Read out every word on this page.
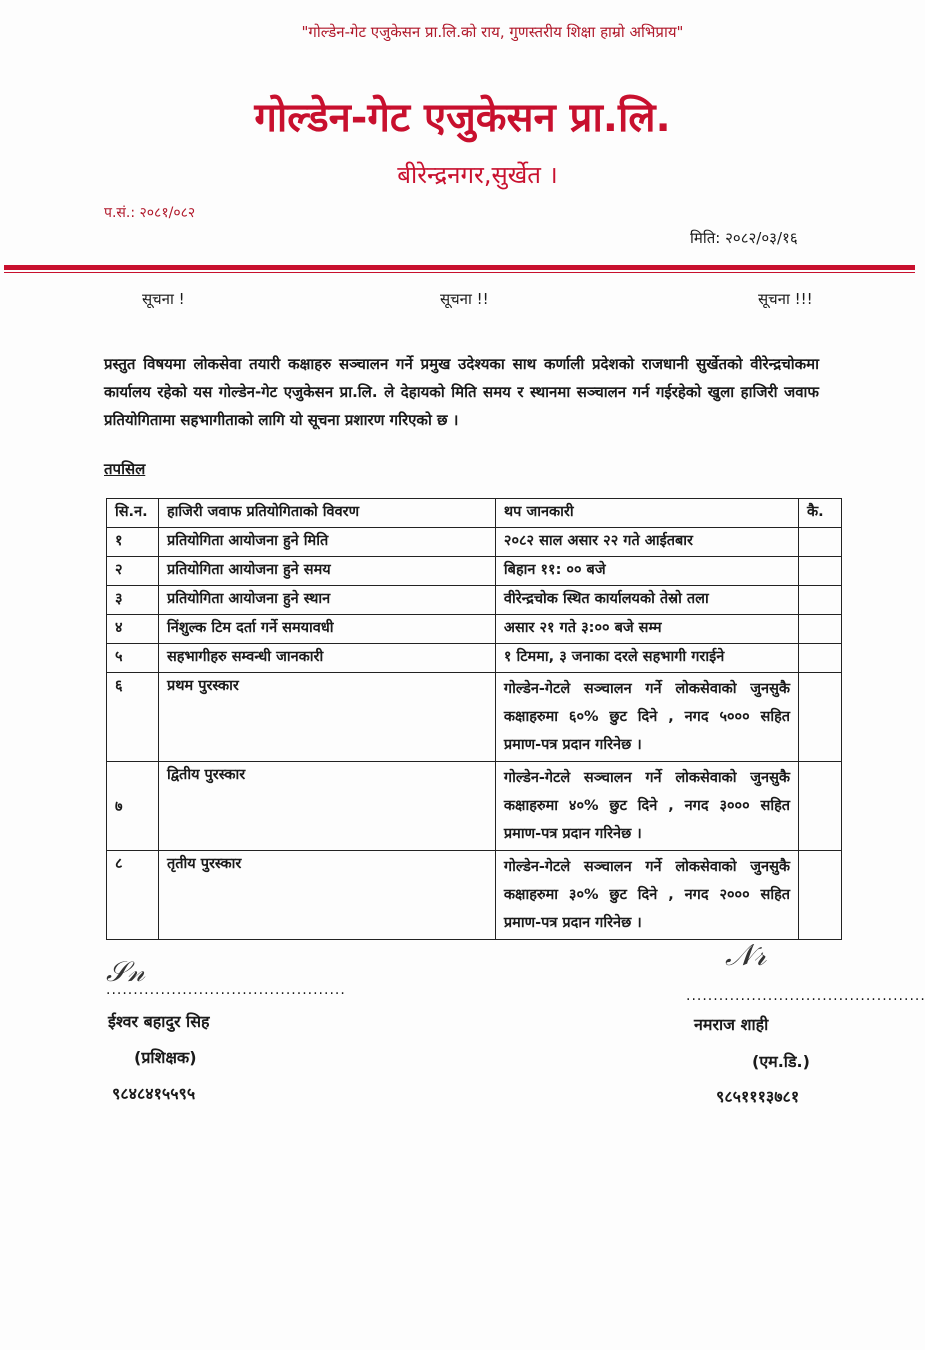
"गोल्डेन-गेट एजुकेसन प्रा.लि.को राय, गुणस्तरीय शिक्षा हाम्रो अभिप्राय"
गोल्डेन-गेट एजुकेसन प्रा.लि.
बीरेन्द्रनगर,सुर्खेत ।
प.सं.: २०८१/०८२
मिति: २०८२/०३/१६
सूचना !	सूचना !!	सूचना !!!
प्रस्तुत विषयमा लोकसेवा तयारी कक्षाहरु सञ्चालन गर्ने प्रमुख उदेश्यका साथ कर्णाली प्रदेशको राजधानी सुर्खेतको वीरेन्द्रचोकमा कार्यालय रहेको यस गोल्डेन-गेट एजुकेसन प्रा.लि. ले देहायको मिति समय र स्थानमा सञ्चालन गर्न गईरहेको खुला हाजिरी जवाफ प्रतियोगितामा सहभागीताको लागि यो सूचना प्रशारण गरिएको छ ।
तपसिल
सि.न.	हाजिरी जवाफ प्रतियोगिताको विवरण	थप जानकारी	कै.
१	प्रतियोगिता आयोजना हुने मिति	२०८२ साल असार २२ गते आईतबार	
२	प्रतियोगिता आयोजना हुने समय	बिहान ११: ०० बजे	
३	प्रतियोगिता आयोजना हुने स्थान	वीरेन्द्रचोक स्थित कार्यालयको तेस्रो तला	
४	निंशुल्क टिम दर्ता गर्ने समयावधी	असार २१ गते ३:०० बजे सम्म	
५	सहभागीहरु सम्वन्धी जानकारी	१ टिममा, ३ जनाका दरले सहभागी गराईने	
६	प्रथम पुरस्कार	गोल्डेन-गेटले सञ्चालन गर्ने लोकसेवाको जुनसुकै कक्षाहरुमा ६०% छुट दिने , नगद ५००० सहित प्रमाण-पत्र प्रदान गरिनेछ ।	
७	द्वितीय पुरस्कार	गोल्डेन-गेटले सञ्चालन गर्ने लोकसेवाको जुनसुकै कक्षाहरुमा ४०% छुट दिने , नगद ३००० सहित प्रमाण-पत्र प्रदान गरिनेछ ।	
८	तृतीय पुरस्कार	गोल्डेन-गेटले सञ्चालन गर्ने लोकसेवाको जुनसुकै कक्षाहरुमा ३०% छुट दिने , नगद २००० सहित प्रमाण-पत्र प्रदान गरिनेछ ।	
𝒮𝓃
............................................
ईश्वर बहादुर सिह
(प्रशिक्षक)
९८४८४१५५९५
𝒩𝓇
............................................
नमराज शाही
(एम.डि.)
९८५१११३७८१
